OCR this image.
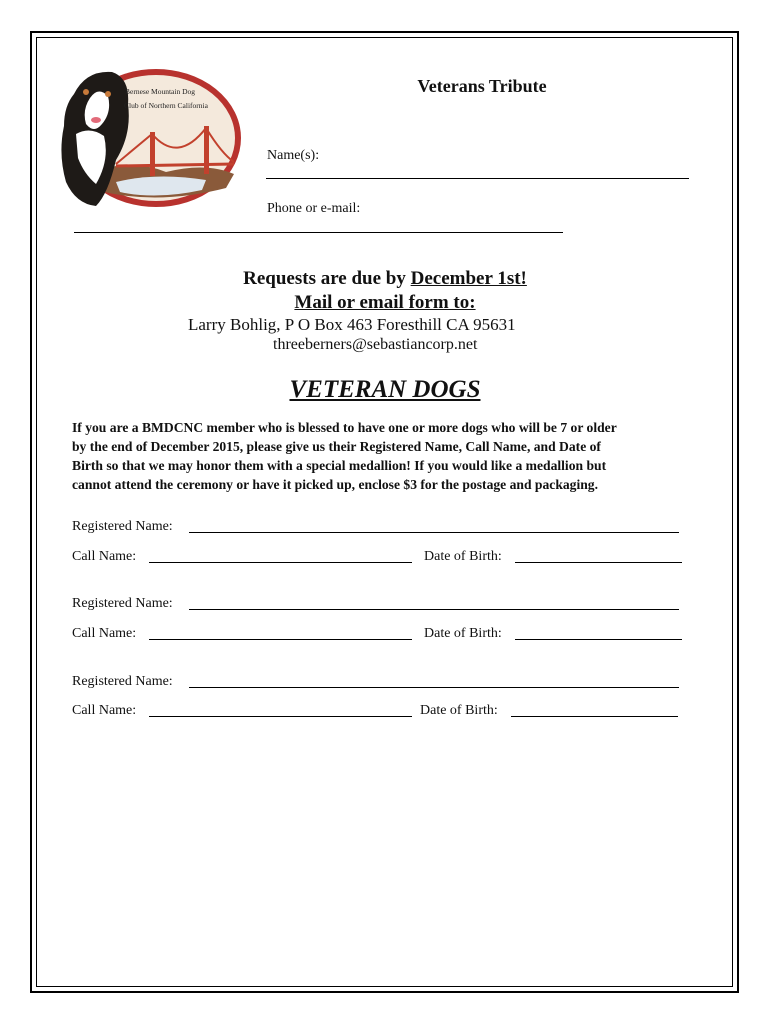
Bernese Mountain Dog
Club of Northern California
Veterans Tribute
Name(s):
Phone or e-mail:
Requests are due by December 1st!
Mail or email form to:
Larry Bohlig, P O Box 463 Foresthill CA 95631
threeberners@sebastiancorp.net
VETERAN DOGS
If you are a BMDCNC member who is blessed to have one or more dogs who will be 7 or older
by the end of December 2015, please give us their Registered Name, Call Name, and Date of
Birth so that we may honor them with a special medallion! If you would like a medallion but
cannot attend the ceremony or have it picked up, enclose $3 for the postage and packaging.
Registered Name:
Call Name:	Date of Birth:
Registered Name:
Call Name:	Date of Birth:
Registered Name:
Call Name:	Date of Birth:
